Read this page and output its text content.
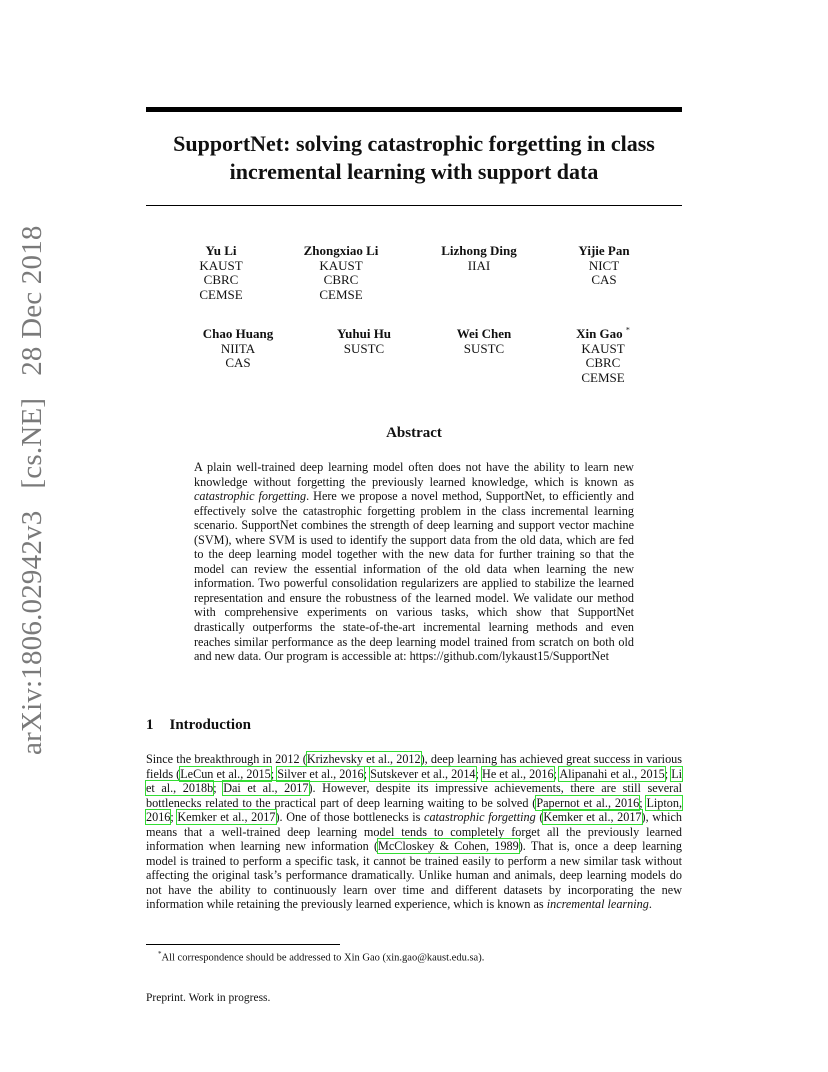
arXiv:1806.02942v3[cs.NE]28 Dec 2018
SupportNet: solving catastrophic forgetting in class
incremental learning with support data
Yu Li
KAUST
CBRC
CEMSE
Zhongxiao Li
KAUST
CBRC
CEMSE
Lizhong Ding
IIAI
Yijie Pan
NICT
CAS
Chao Huang
NIITA
CAS
Yuhui Hu
SUSTC
Wei Chen
SUSTC
Xin Gao *
KAUST
CBRC
CEMSE
Abstract
A plain well-trained deep learning model often does not have the ability to learn new knowledge without forgetting the previously learned knowledge, which is known as catastrophic forgetting. Here we propose a novel method, SupportNet, to efficiently and effectively solve the catastrophic forgetting problem in the class incremental learning scenario. SupportNet combines the strength of deep learning and support vector machine (SVM), where SVM is used to identify the support data from the old data, which are fed to the deep learning model together with the new data for further training so that the model can review the essential information of the old data when learning the new information. Two powerful consolidation regularizers are applied to stabilize the learned representation and ensure the robustness of the learned model. We validate our method with comprehensive experiments on various tasks, which show that SupportNet drastically outperforms the state-of-the-art incremental learning methods and even reaches similar performance as the deep learning model trained from scratch on both old and new data. Our program is accessible at: https://github.com/lykaust15/SupportNet
1 Introduction
Since the breakthrough in 2012 (Krizhevsky et al., 2012), deep learning has achieved great success in various fields (LeCun et al., 2015; Silver et al., 2016; Sutskever et al., 2014; He et al., 2016; Alipanahi et al., 2015; Li et al., 2018b; Dai et al., 2017). However, despite its impressive achievements, there are still several bottlenecks related to the practical part of deep learning waiting to be solved (Papernot et al., 2016; Lipton, 2016; Kemker et al., 2017). One of those bottlenecks is catastrophic forgetting (Kemker et al., 2017), which means that a well-trained deep learning model tends to completely forget all the previously learned information when learning new information (McCloskey & Cohen, 1989). That is, once a deep learning model is trained to perform a specific task, it cannot be trained easily to perform a new similar task without affecting the original task’s performance dramatically. Unlike human and animals, deep learning models do not have the ability to continuously learn over time and different datasets by incorporating the new information while retaining the previously learned experience, which is known as incremental learning.
*All correspondence should be addressed to Xin Gao (xin.gao@kaust.edu.sa).
Preprint. Work in progress.
